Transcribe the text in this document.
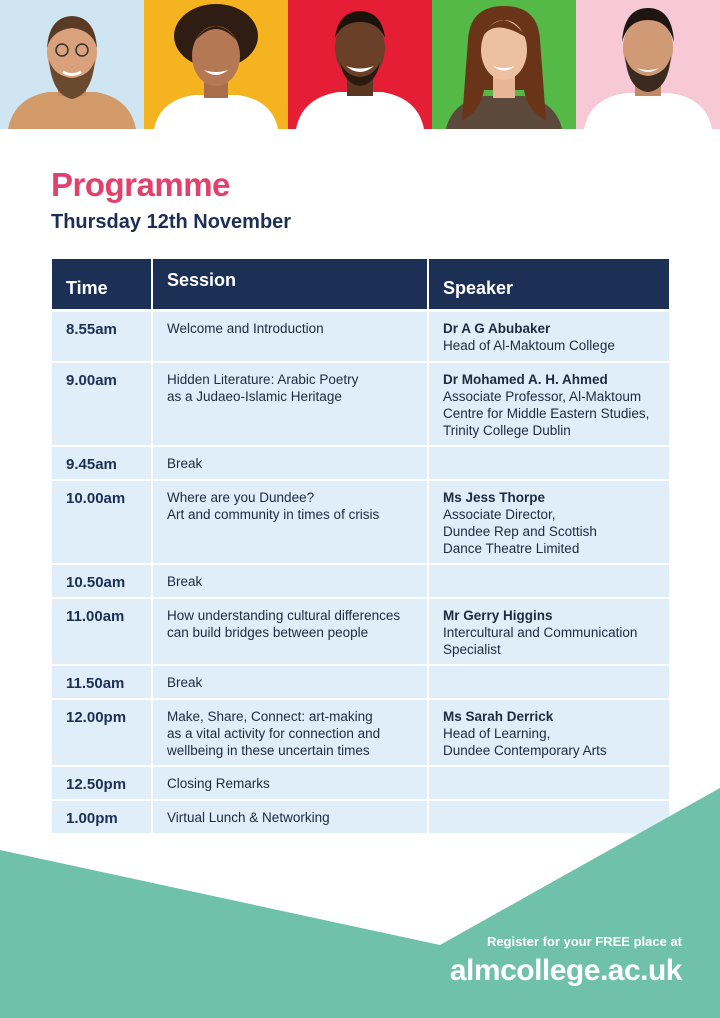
Programme
Thursday 12th November
Time	Session	Speaker
8.55am	Welcome and Introduction	Dr A G Abubaker
Head of Al-Maktoum College

9.00am	Hidden Literature: Arabic Poetry
as a Judaeo-Islamic Heritage	Dr Mohamed A. H. Ahmed
Associate Professor, Al-Maktoum
Centre for Middle Eastern Studies,
Trinity College Dublin

9.45am	Break	

10.00am	Where are you Dundee?
Art and community in times of crisis	Ms Jess Thorpe
Associate Director,
Dundee Rep and Scottish
Dance Theatre Limited

10.50am	Break	

11.00am	How understanding cultural differences
can build bridges between people	Mr Gerry Higgins
Intercultural and Communication
Specialist

11.50am	Break	

12.00pm	Make, Share, Connect: art-making
as a vital activity for connection and
wellbeing in these uncertain times	Ms Sarah Derrick
Head of Learning,
Dundee Contemporary Arts

12.50pm	Closing Remarks	

1.00pm	Virtual Lunch & Networking	

Register for your FREE place at
almcollege.ac.uk
